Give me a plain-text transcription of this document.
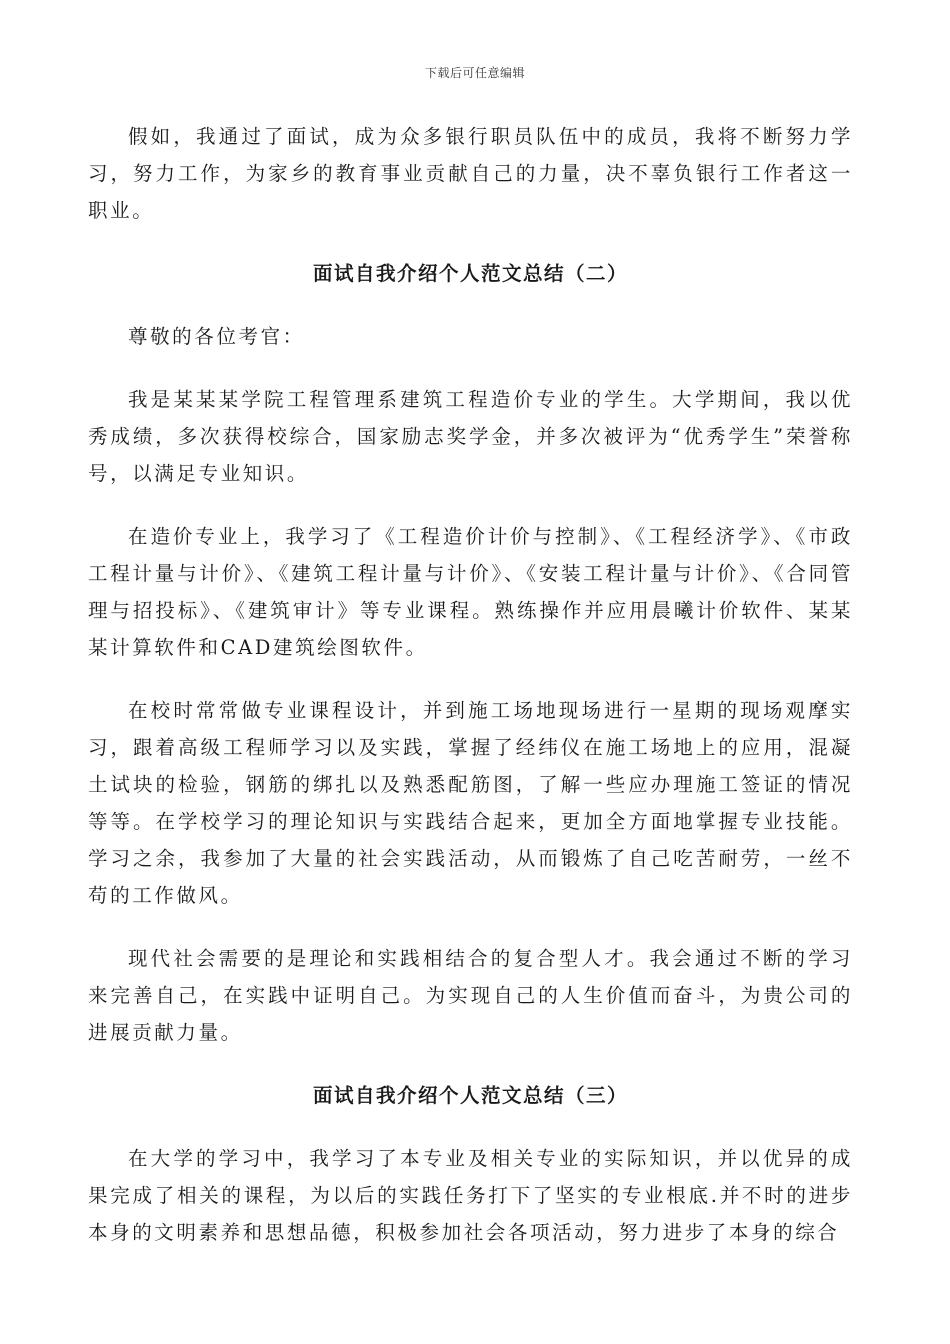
下载后可任意编辑

假如，我通过了面试，成为众多银行职员队伍中的成员，我将不断努力学习，努力工作，为家乡的教育事业贡献自己的力量，决不辜负银行工作者这一职业。

面试自我介绍个人范文总结（二）

尊敬的各位考官：

我是某某某学院工程管理系建筑工程造价专业的学生。大学期间，我以优秀成绩，多次获得校综合，国家励志奖学金，并多次被评为“优秀学生”荣誉称号，以满足专业知识。

在造价专业上，我学习了《工程造价计价与控制》、《工程经济学》、《市政工程计量与计价》、《建筑工程计量与计价》、《安装工程计量与计价》、《合同管理与招投标》、《建筑审计》等专业课程。熟练操作并应用晨曦计价软件、某某某计算软件和CAD建筑绘图软件。

在校时常常做专业课程设计，并到施工场地现场进行一星期的现场观摩实习，跟着高级工程师学习以及实践，掌握了经纬仪在施工场地上的应用，混凝土试块的检验，钢筋的绑扎以及熟悉配筋图，了解一些应办理施工签证的情况等等。在学校学习的理论知识与实践结合起来，更加全方面地掌握专业技能。学习之余，我参加了大量的社会实践活动，从而锻炼了自己吃苦耐劳，一丝不苟的工作做风。

现代社会需要的是理论和实践相结合的复合型人才。我会通过不断的学习来完善自己，在实践中证明自己。为实现自己的人生价值而奋斗，为贵公司的进展贡献力量。

面试自我介绍个人范文总结（三）

在大学的学习中，我学习了本专业及相关专业的实际知识，并以优异的成果完成了相关的课程，为以后的实践任务打下了坚实的专业根底.并不时的进步本身的文明素养和思想品德，积极参加社会各项活动，努力进步了本身的综合
